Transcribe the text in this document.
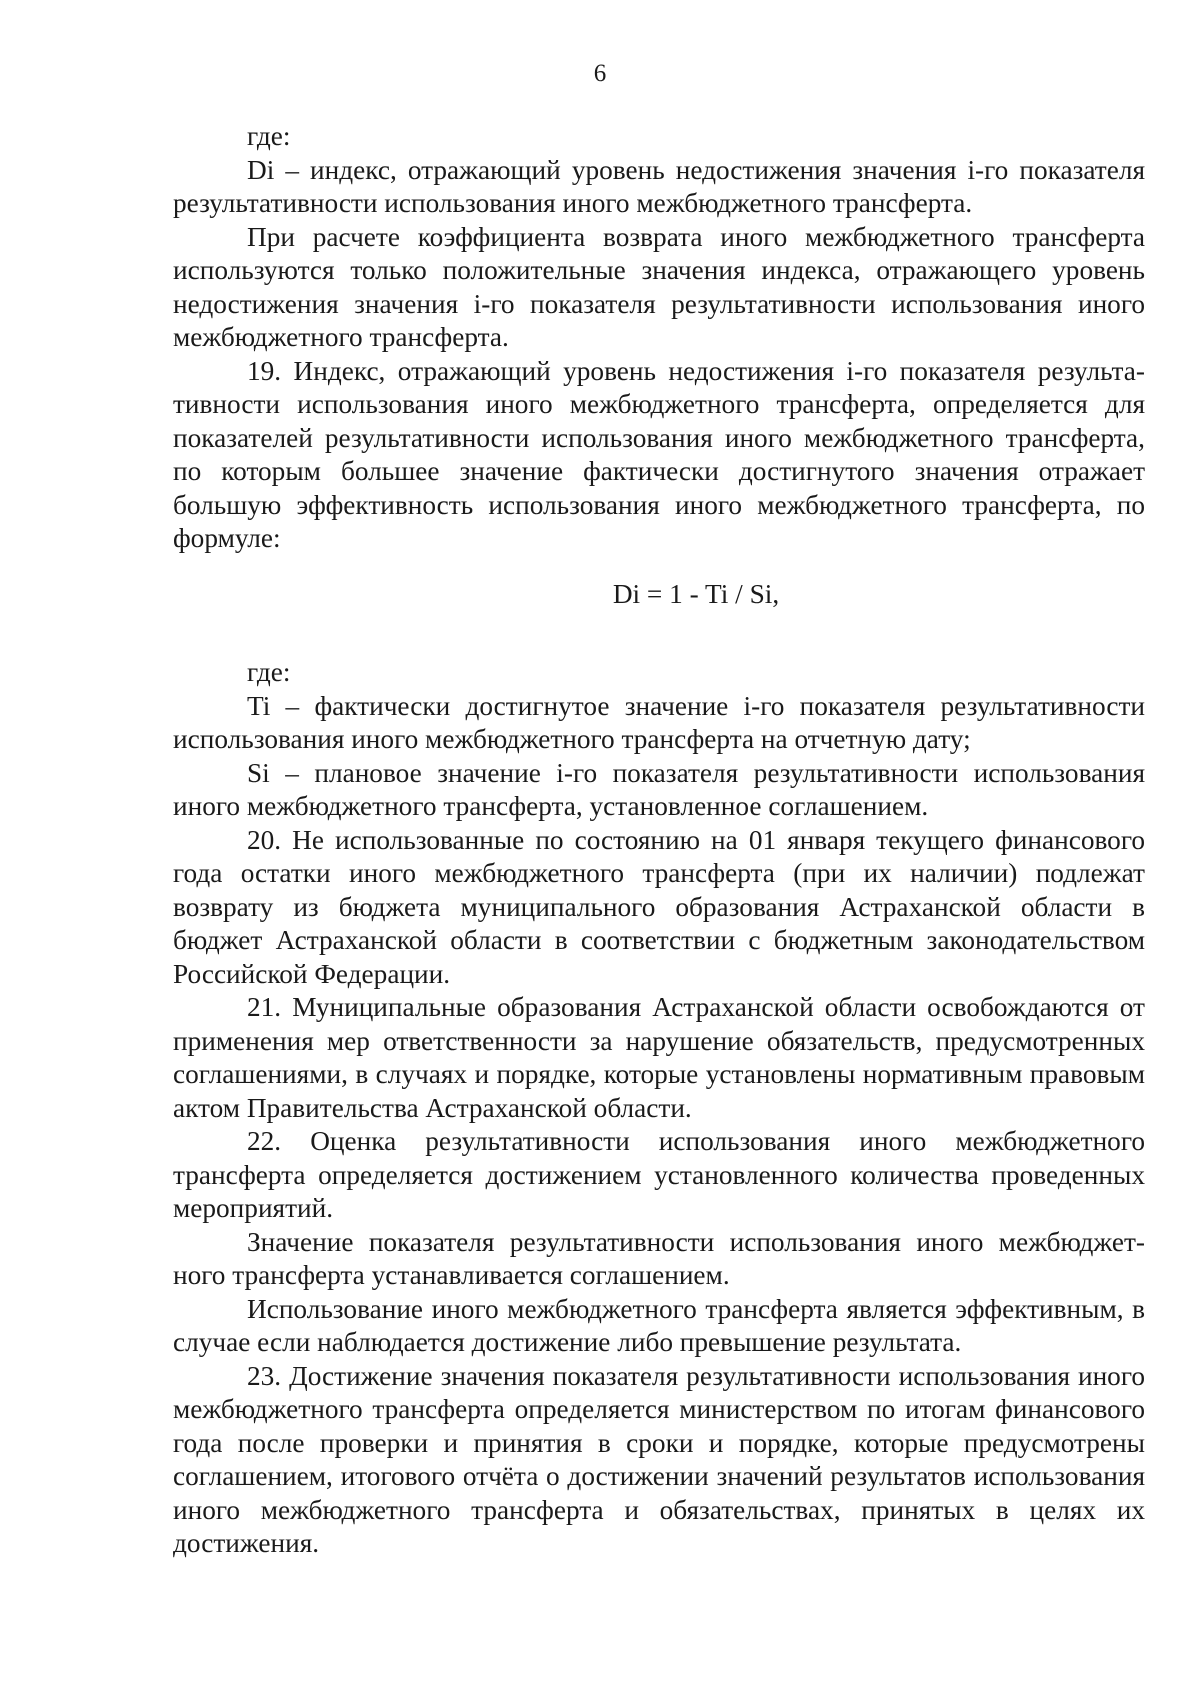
6

где:

Di – индекс, отражающий уровень недостижения значения i-го показателя результативности использования иного межбюджетного трансферта.

При расчете коэффициента возврата иного межбюджетного трансферта используются только положительные значения индекса, отражающего уровень недостижения значения i-го показателя результативности использования иного межбюджетного трансферта.

19. Индекс, отражающий уровень недостижения i-го показателя результативности использования иного межбюджетного трансферта, определяется для показателей результативности использования иного межбюджетного трансферта, по которым большее значение фактически достигнутого значения отражает большую эффективность использования иного межбюджетного трансферта, по формуле:

Di = 1 - Ti / Si,

где:

Ti – фактически достигнутое значение i-го показателя результативности использования иного межбюджетного трансферта на отчетную дату;

Si – плановое значение i-го показателя результативности использования иного межбюджетного трансферта, установленное соглашением.

20. Не использованные по состоянию на 01 января текущего финансового года остатки иного межбюджетного трансферта (при их наличии) подлежат возврату из бюджета муниципального образования Астраханской области в бюджет Астраханской области в соответствии с бюджетным законодательством Российской Федерации.

21. Муниципальные образования Астраханской области освобождаются от применения мер ответственности за нарушение обязательств, предусмотренных соглашениями, в случаях и порядке, которые установлены нормативным правовым актом Правительства Астраханской области.

22. Оценка результативности использования иного межбюджетного трансферта определяется достижением установленного количества проведенных мероприятий.

Значение показателя результативности использования иного межбюджетного трансферта устанавливается соглашением.

Использование иного межбюджетного трансферта является эффективным, в случае если наблюдается достижение либо превышение результата.

23. Достижение значения показателя результативности использования иного межбюджетного трансферта определяется министерством по итогам финансового года после проверки и принятия в сроки и порядке, которые предусмотрены соглашением, итогового отчёта о достижении значений результатов использования иного межбюджетного трансферта и обязательствах, принятых в целях их достижения.
